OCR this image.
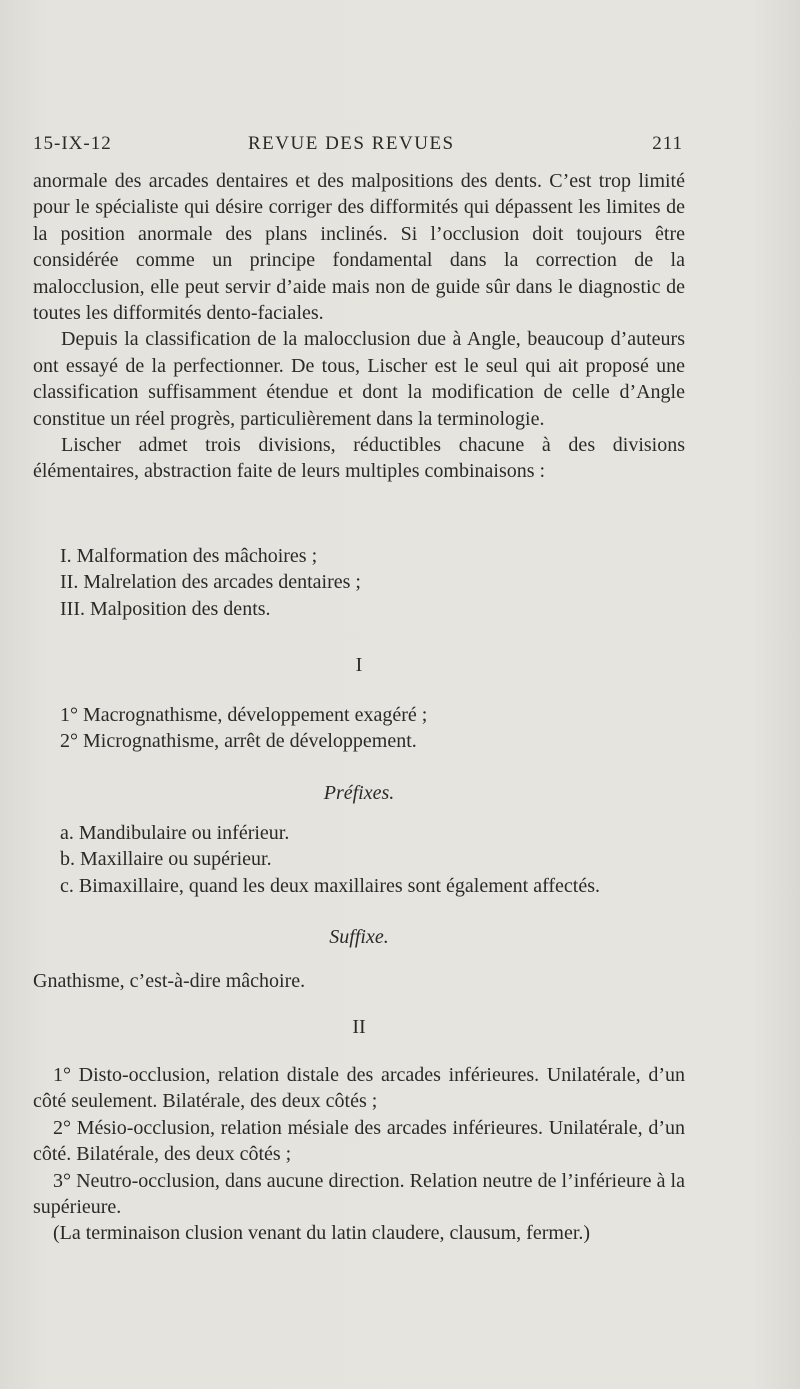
15-IX-12	REVUE DES REVUES	211

anormale des arcades dentaires et des malpositions des dents. C’est trop limité pour le spécialiste qui désire corriger des difformités qui dépassent les limites de la position anormale des plans inclinés. Si l’occlusion doit toujours être considérée comme un principe fondamental dans la correction de la malocclusion, elle peut servir d’aide mais non de guide sûr dans le diagnostic de toutes les difformités dento-faciales.

Depuis la classification de la malocclusion due à Angle, beaucoup d’auteurs ont essayé de la perfectionner. De tous, Lischer est le seul qui ait proposé une classification suffisamment étendue et dont la modification de celle d’Angle constitue un réel progrès, particulièrement dans la terminologie.

Lischer admet trois divisions, réductibles chacune à des divisions élémentaires, abstraction faite de leurs multiples combinaisons :

I. Malformation des mâchoires ;
II. Malrelation des arcades dentaires ;
III. Malposition des dents.

I

1° Macrognathisme, développement exagéré ;
2° Micrognathisme, arrêt de développement.

Préfixes.

a. Mandibulaire ou inférieur.
b. Maxillaire ou supérieur.
c. Bimaxillaire, quand les deux maxillaires sont également affectés.

Suffixe.

Gnathisme, c’est-à-dire mâchoire.

II

1° Disto-occlusion, relation distale des arcades inférieures. Unilatérale, d’un côté seulement. Bilatérale, des deux côtés ;

2° Mésio-occlusion, relation mésiale des arcades inférieures. Unilatérale, d’un côté. Bilatérale, des deux côtés ;

3° Neutro-occlusion, dans aucune direction. Relation neutre de l’inférieure à la supérieure.

(La terminaison clusion venant du latin claudere, clausum, fermer.)
